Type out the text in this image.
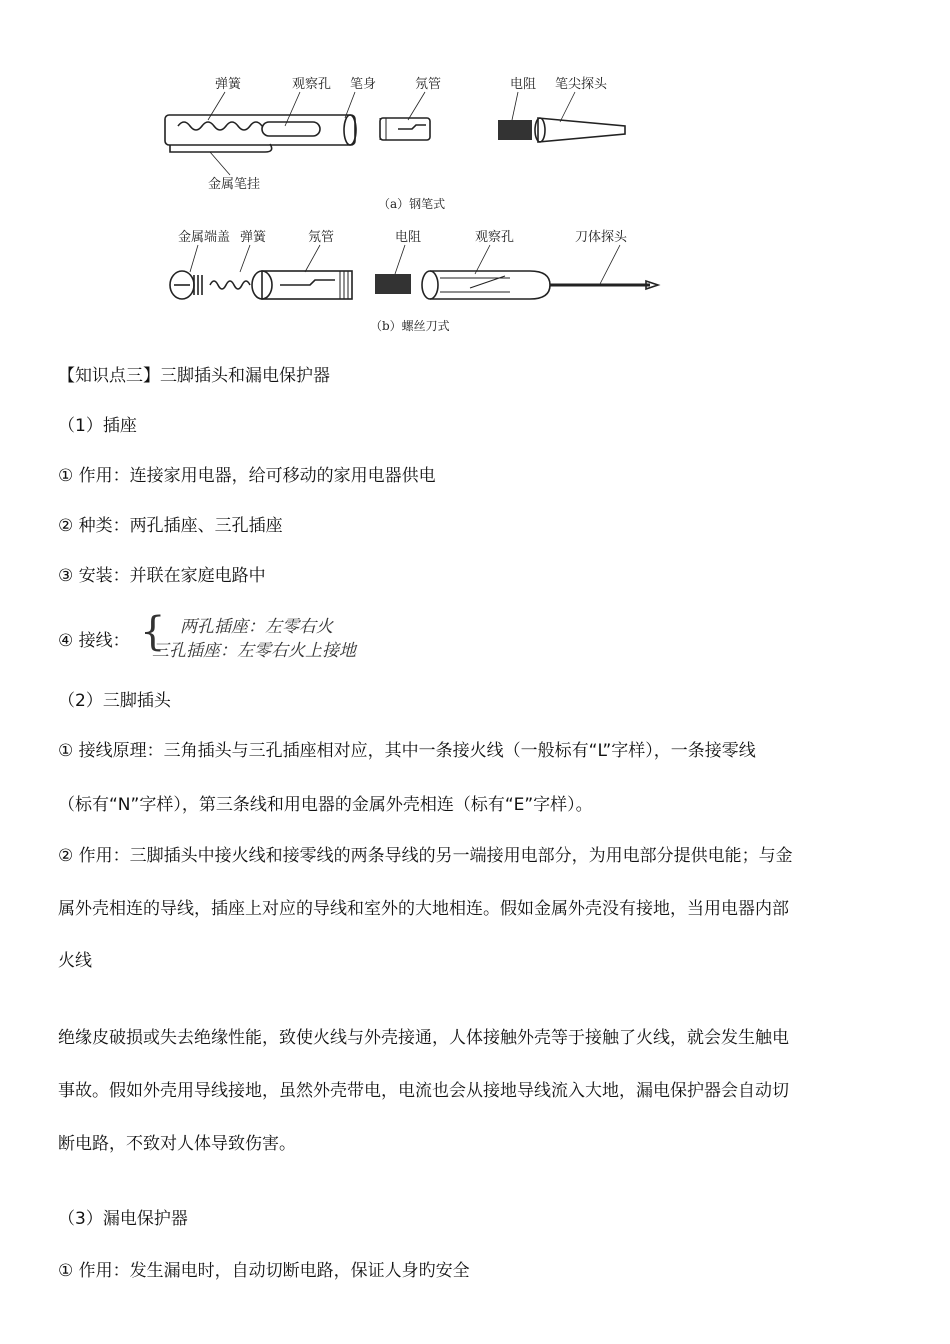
弹簧	观察孔 笔身	氖管	电阻 笔尖探头
金属笔挂
（a）钢笔式
金属端盖 弹簧	氖管	电阻	观察孔	刀体探头
（b）螺丝刀式
【知识点三】三脚插头和漏电保护器
（1）插座
① 作用：连接家用电器，给可移动的家用电器供电
② 种类：两孔插座、三孔插座
③ 安装：并联在家庭电路中
④ 接线： { 两孔插座：左零右火
三孔插座：左零右火上接地
（2）三脚插头
① 接线原理：三角插头与三孔插座相对应，其中一条接火线（一般标有“L”字样），一条接零线
（标有“N”字样），第三条线和用电器的金属外壳相连（标有“E”字样）。
② 作用：三脚插头中接火线和接零线的两条导线的另一端接用电部分，为用电部分提供电能；与金
属外壳相连的导线，插座上对应的导线和室外的大地相连。假如金属外壳没有接地，当用电器内部
火线
绝缘皮破损或失去绝缘性能，致使火线与外壳接通，人体接触外壳等于接触了火线，就会发生触电
事故。假如外壳用导线接地，虽然外壳带电，电流也会从接地导线流入大地，漏电保护器会自动切
断电路，不致对人体导致伤害。
（3）漏电保护器
① 作用：发生漏电时，自动切断电路，保证人身旳安全
